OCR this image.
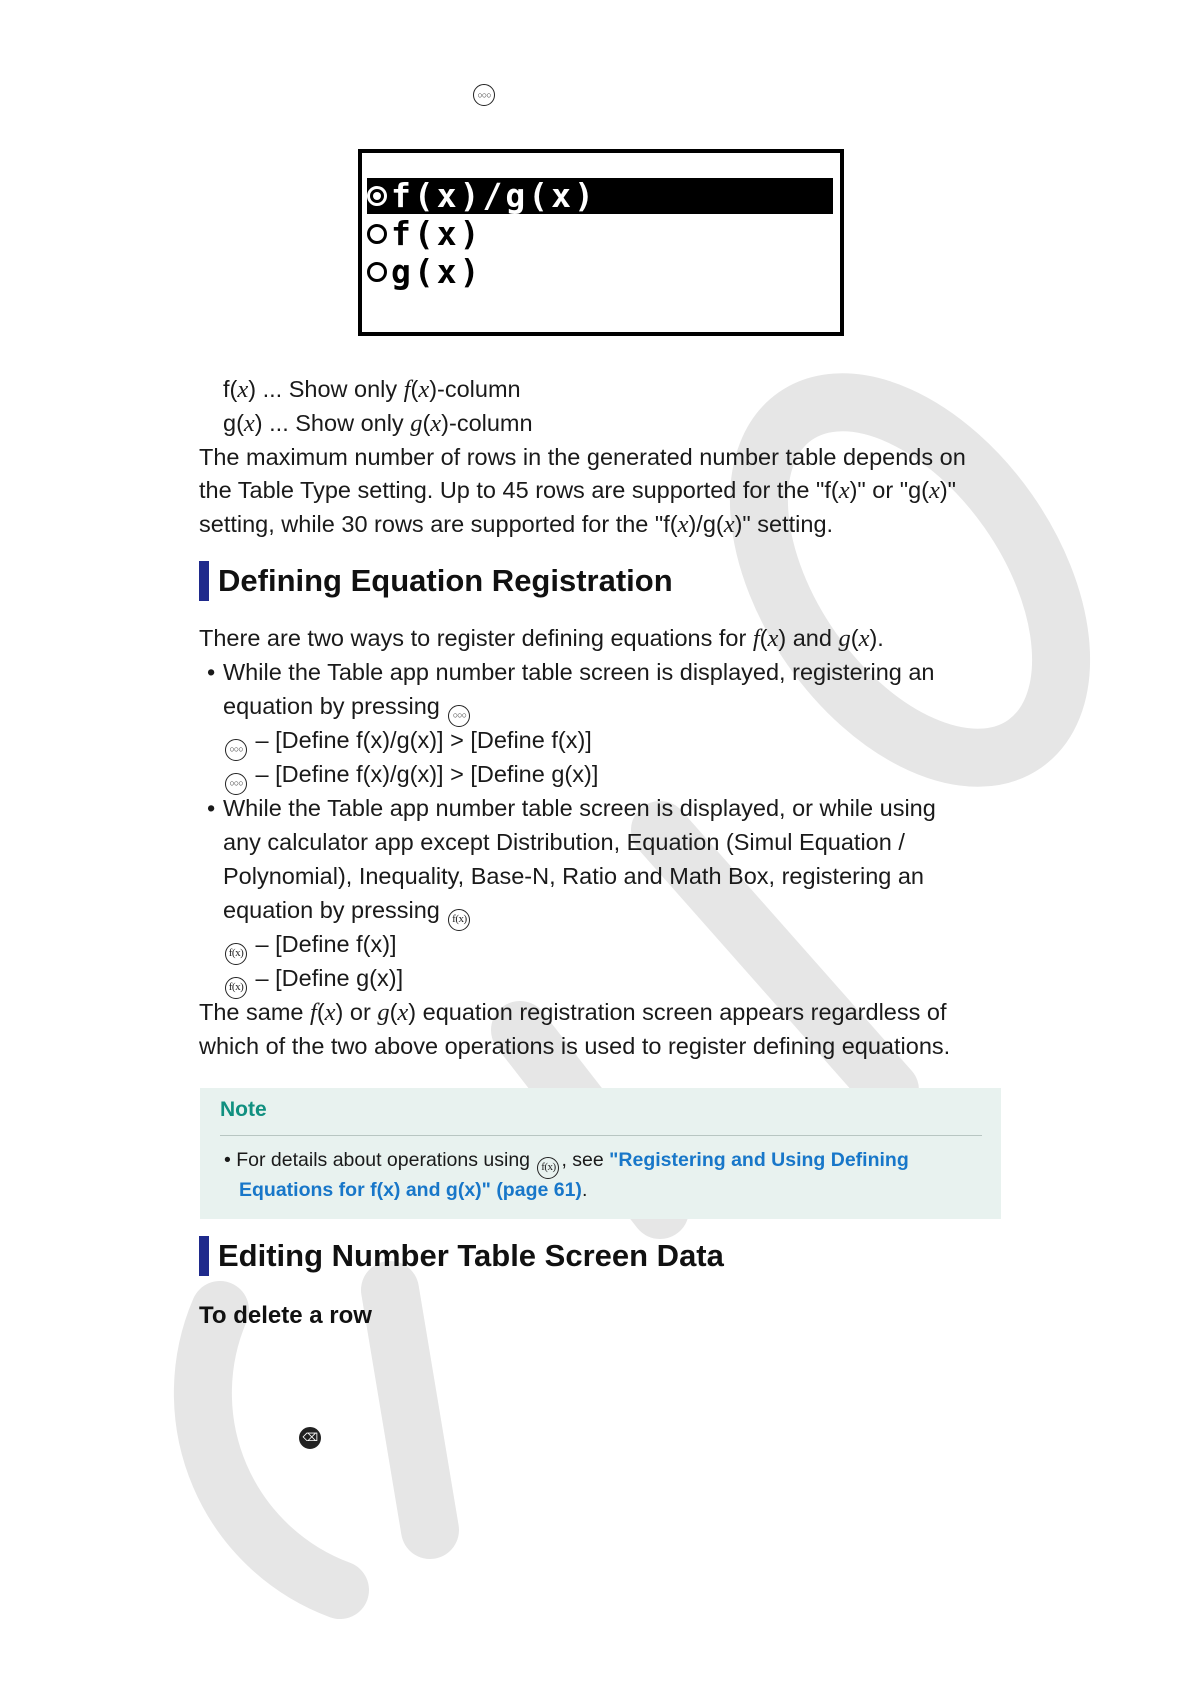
○○○
f(x)/g(x)
f(x)
g(x)
f(x) ... Show only f(x)-column
g(x) ... Show only g(x)-column
The maximum number of rows in the generated number table depends on
the Table Type setting. Up to 45 rows are supported for the "f(x)" or "g(x)"
setting, while 30 rows are supported for the "f(x)/g(x)" setting.
Defining Equation Registration
There are two ways to register defining equations for f(x) and g(x).
• While the Table app number table screen is displayed, registering an
equation by pressing ○○○
○○○ – [Define f(x)/g(x)] > [Define f(x)]
○○○ – [Define f(x)/g(x)] > [Define g(x)]
• While the Table app number table screen is displayed, or while using
any calculator app except Distribution, Equation (Simul Equation /
Polynomial), Inequality, Base-N, Ratio and Math Box, registering an
equation by pressing f(x)
f(x) – [Define f(x)]
f(x) – [Define g(x)]
The same f(x) or g(x) equation registration screen appears regardless of
which of the two above operations is used to register defining equations.
Note
• For details about operations using f(x) , see "Registering and Using Defining
Equations for f(x) and g(x)" (page 61).
Editing Number Table Screen Data
To delete a row
⌫
